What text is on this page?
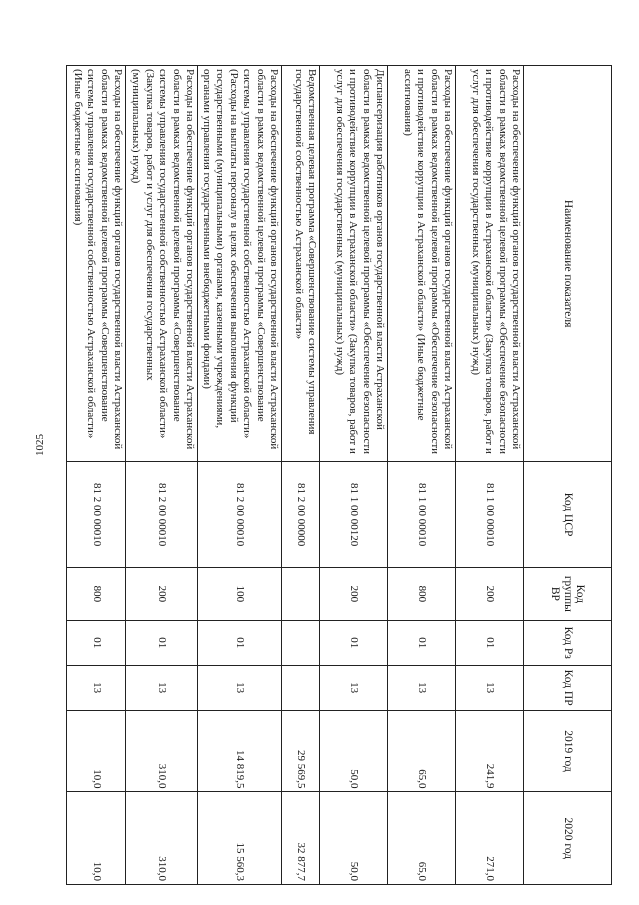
1025
Наименование показателя	Код ЦСР	Код группы ВР	Код Рз	Код ПР	2019 год	2020 год
Расходы на обеспечение функций органов государственной власти Астраханской области в рамках ведомственной целевой программы «Обеспечение безопасности и противодействие коррупции в Астраханской области» (Закупка товаров, работ и услуг для обеспечения государственных (муниципальных) нужд)	81 1 00 00010	200	01	13	241,9	271,0
Расходы на обеспечение функций органов государственной власти Астраханской области в рамках ведомственной целевой программы «Обеспечение безопасности и противодействие коррупции в Астраханской области» (Иные бюджетные ассигнования)	81 1 00 00010	800	01	13	65,0	65,0
Диспансеризация работников органов государственной власти Астраханской области в рамках ведомственной целевой программы «Обеспечение безопасности и противодействие коррупции в Астраханской области» (Закупка товаров, работ и услуг для обеспечения государственных (муниципальных) нужд)	81 1 00 00120	200	01	13	50,0	50,0
Ведомственная целевая программа «Совершенствование системы управления государственной собственностью Астраханской области»	81 2 00 00000				29 569,5	32 877,7
Расходы на обеспечение функций органов государственной власти Астраханской области в рамках ведомственной целевой программы «Совершенствование системы управления государственной собственностью Астраханской области» (Расходы на выплаты персоналу в целях обеспечения выполнения функций государственными (муниципальными) органами, казенными учреждениями, органами управления государственными внебюджетными фондами)	81 2 00 00010	100	01	13	14 819,5	15 560,3
Расходы на обеспечение функций органов государственной власти Астраханской области в рамках ведомственной целевой программы «Совершенствование системы управления государственной собственностью Астраханской области» (Закупка товаров, работ и услуг для обеспечения государственных (муниципальных) нужд)	81 2 00 00010	200	01	13	310,0	310,0
Расходы на обеспечение функций органов государственной власти Астраханской области в рамках ведомственной целевой программы «Совершенствование системы управления государственной собственностью Астраханской области» (Иные бюджетные ассигнования)	81 2 00 00010	800	01	13	10,0	10,0
